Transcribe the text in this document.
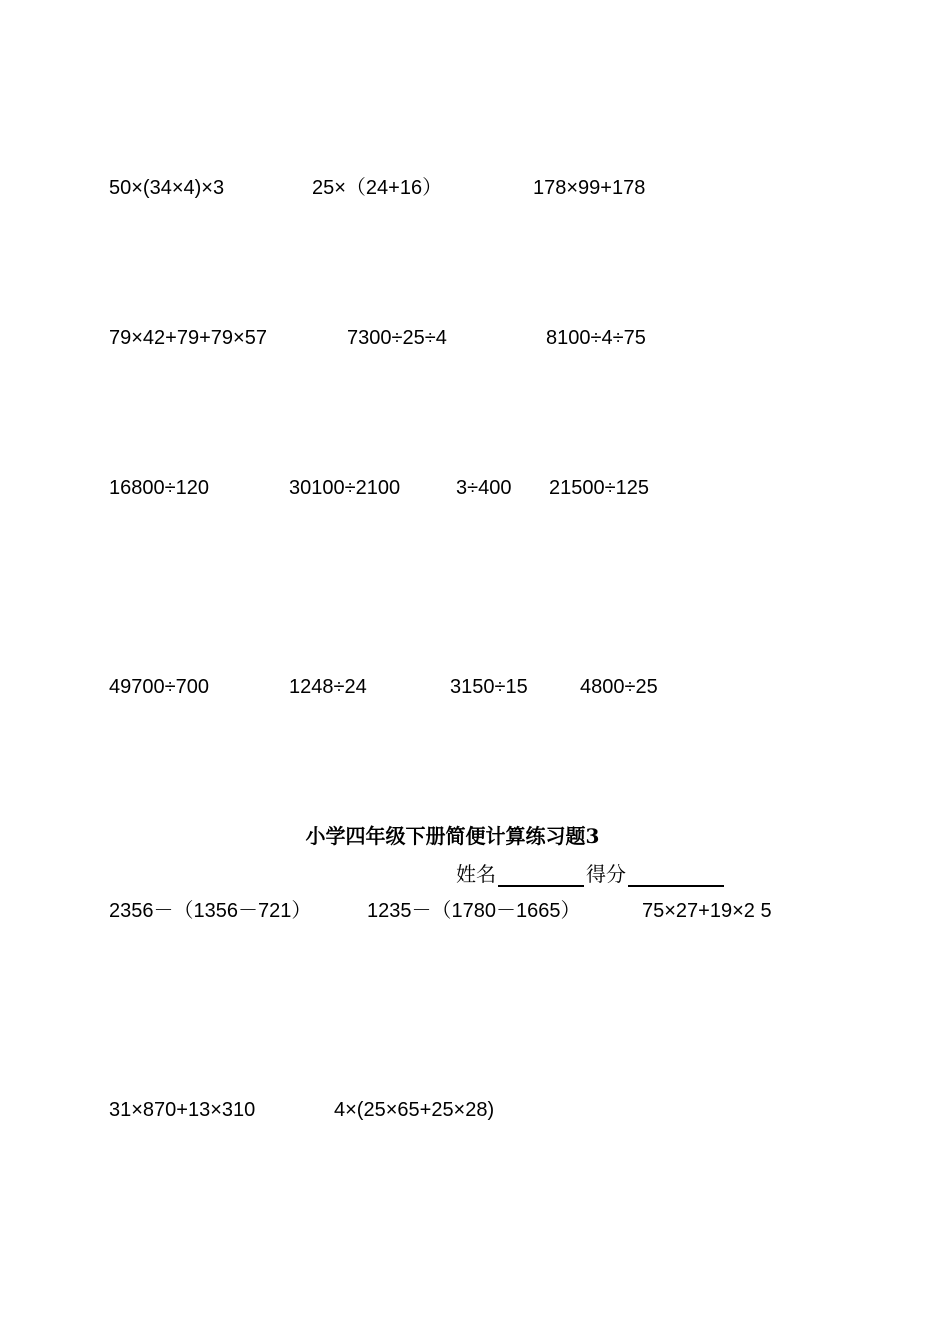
50×(34×4)×3	25×（24+16）	178×99+178
79×42+79+79×57	7300÷25÷4	8100÷4÷75
16800÷120	30100÷2100	3÷400 21500÷125
49700÷700	1248÷24	3150÷15	4800÷25
小学四年级下册简便计算练习题3
姓名	得分
2356－（1356－721）	1235－（1780－1665）	75×27+19×2 5
31×870+13×310	4×(25×65+25×28)
